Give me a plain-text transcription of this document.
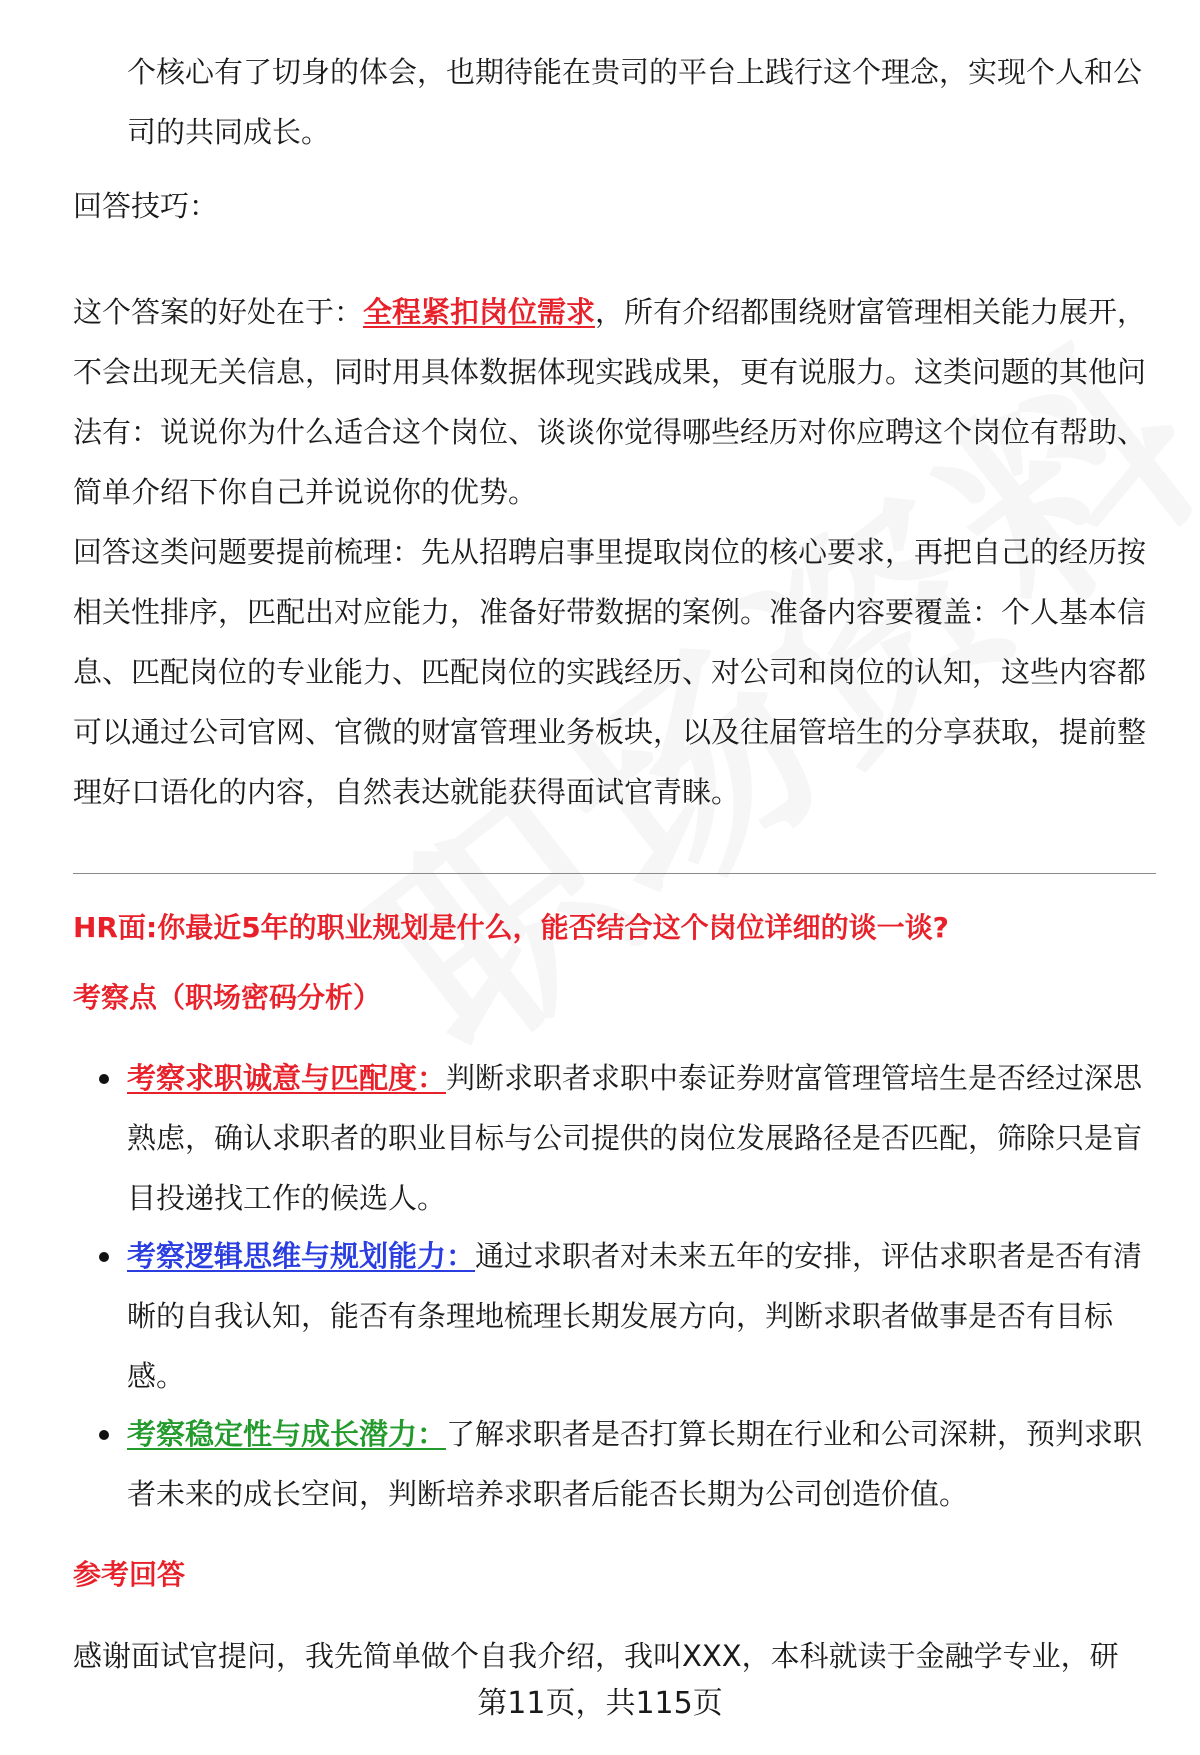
个核心有了切身的体会，也期待能在贵司的平台上践行这个理念，实现个人和公司的共同成长。

回答技巧：

这个答案的好处在于：全程紧扣岗位需求，所有介绍都围绕财富管理相关能力展开，不会出现无关信息，同时用具体数据体现实践成果，更有说服力。这类问题的其他问法有：说说你为什么适合这个岗位、谈谈你觉得哪些经历对你应聘这个岗位有帮助、简单介绍下你自己并说说你的优势。

回答这类问题要提前梳理：先从招聘启事里提取岗位的核心要求，再把自己的经历按相关性排序，匹配出对应能力，准备好带数据的案例。准备内容要覆盖：个人基本信息、匹配岗位的专业能力、匹配岗位的实践经历、对公司和岗位的认知，这些内容都可以通过公司官网、官微的财富管理业务板块，以及往届管培生的分享获取，提前整理好口语化的内容，自然表达就能获得面试官青睐。

HR面:你最近5年的职业规划是什么，能否结合这个岗位详细的谈一谈?

考察点（职场密码分析）

考察求职诚意与匹配度：判断求职者求职中泰证券财富管理管培生是否经过深思熟虑，确认求职者的职业目标与公司提供的岗位发展路径是否匹配，筛除只是盲目投递找工作的候选人。
考察逻辑思维与规划能力：通过求职者对未来五年的安排，评估求职者是否有清晰的自我认知，能否有条理地梳理长期发展方向，判断求职者做事是否有目标感。
考察稳定性与成长潜力：了解求职者是否打算长期在行业和公司深耕，预判求职者未来的成长空间，判断培养求职者后能否长期为公司创造价值。

参考回答

感谢面试官提问，我先简单做个自我介绍，我叫XXX，本科就读于金融学专业，研

第11页，共115页
